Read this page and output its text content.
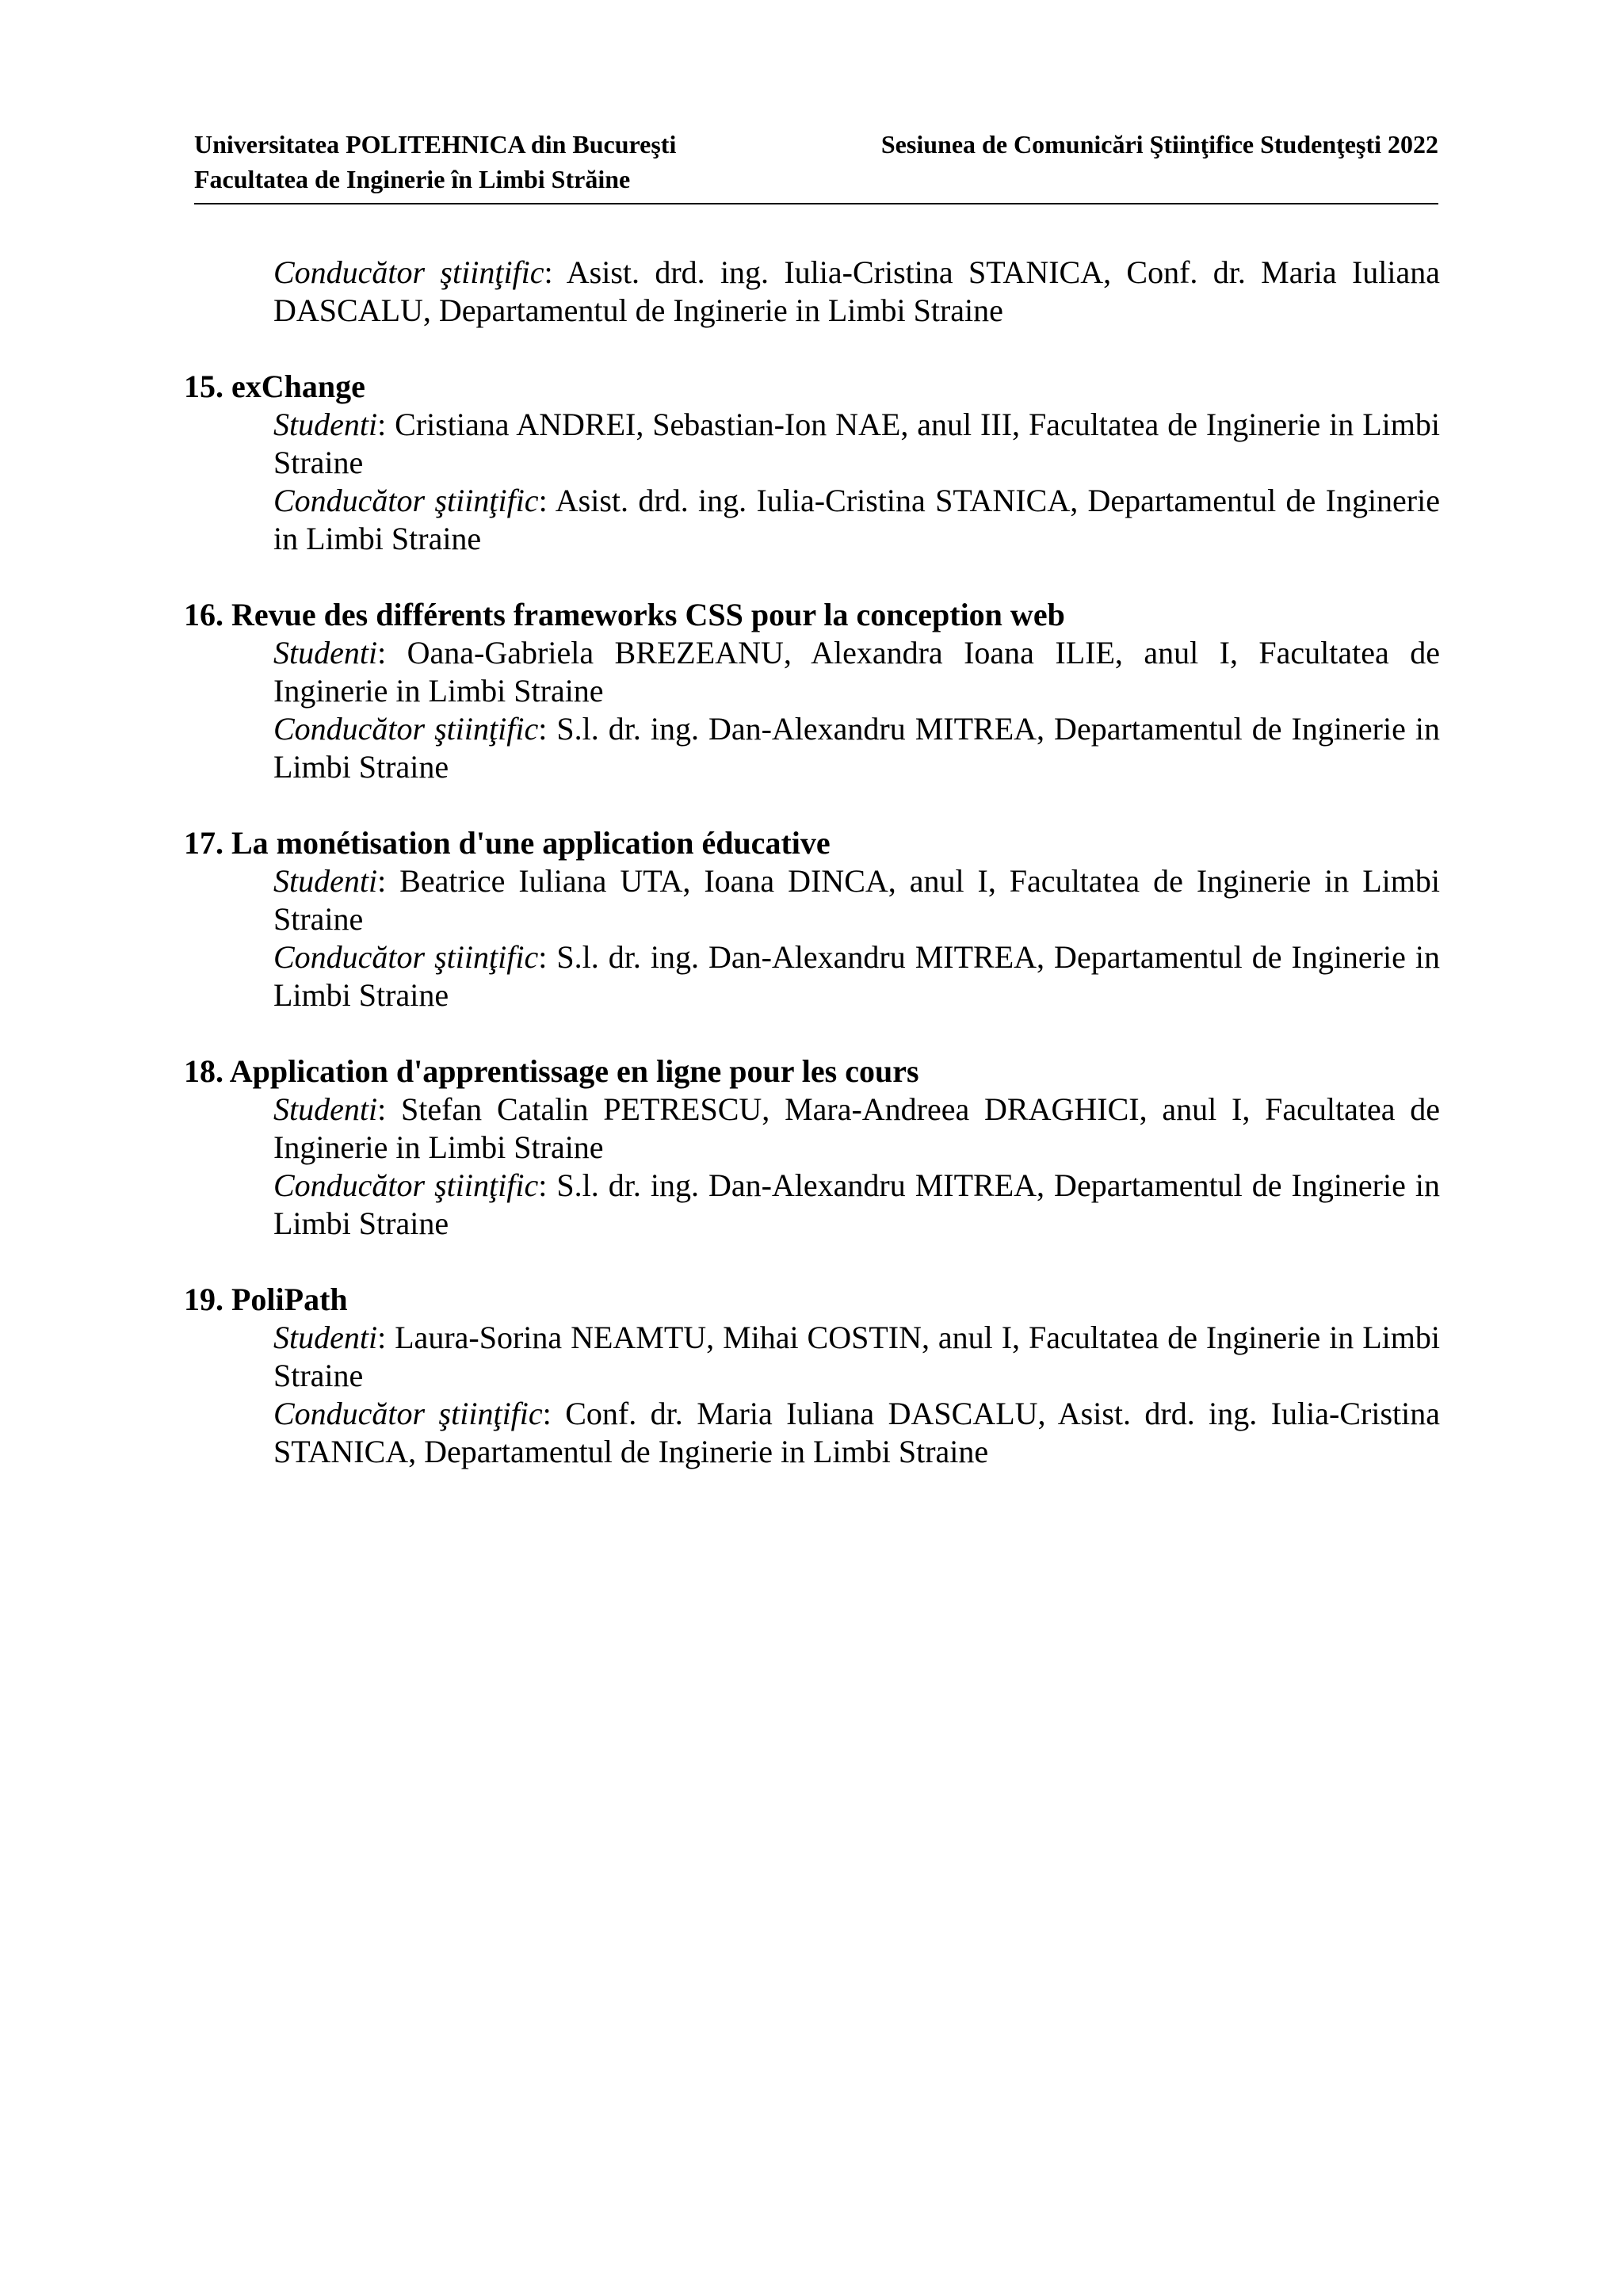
Universitatea POLITEHNICA din Bucureşti
Facultatea de Inginerie în Limbi Străine
Sesiunea de Comunicări Ştiinţifice Studenţeşti 2022
Conducător ştiinţific: Asist. drd. ing. Iulia-Cristina STANICA, Conf. dr. Maria Iuliana DASCALU, Departamentul de Inginerie in Limbi Straine
15. exChange
Studenti: Cristiana ANDREI, Sebastian-Ion NAE, anul III, Facultatea de Inginerie in Limbi Straine
Conducător ştiinţific: Asist. drd. ing. Iulia-Cristina STANICA, Departamentul de Inginerie in Limbi Straine
16. Revue des différents frameworks CSS pour la conception web
Studenti: Oana-Gabriela BREZEANU, Alexandra Ioana ILIE, anul I, Facultatea de Inginerie in Limbi Straine
Conducător ştiinţific: S.l. dr. ing. Dan-Alexandru MITREA, Departamentul de Inginerie in Limbi Straine
17. La monétisation d'une application éducative
Studenti: Beatrice Iuliana UTA, Ioana DINCA, anul I, Facultatea de Inginerie in Limbi Straine
Conducător ştiinţific: S.l. dr. ing. Dan-Alexandru MITREA, Departamentul de Inginerie in Limbi Straine
18. Application d'apprentissage en ligne pour les cours
Studenti: Stefan Catalin PETRESCU, Mara-Andreea DRAGHICI, anul I, Facultatea de Inginerie in Limbi Straine
Conducător ştiinţific: S.l. dr. ing. Dan-Alexandru MITREA, Departamentul de Inginerie in Limbi Straine
19. PoliPath
Studenti: Laura-Sorina NEAMTU, Mihai COSTIN, anul I, Facultatea de Inginerie in Limbi Straine
Conducător ştiinţific: Conf. dr. Maria Iuliana DASCALU, Asist. drd. ing. Iulia-Cristina STANICA, Departamentul de Inginerie in Limbi Straine
